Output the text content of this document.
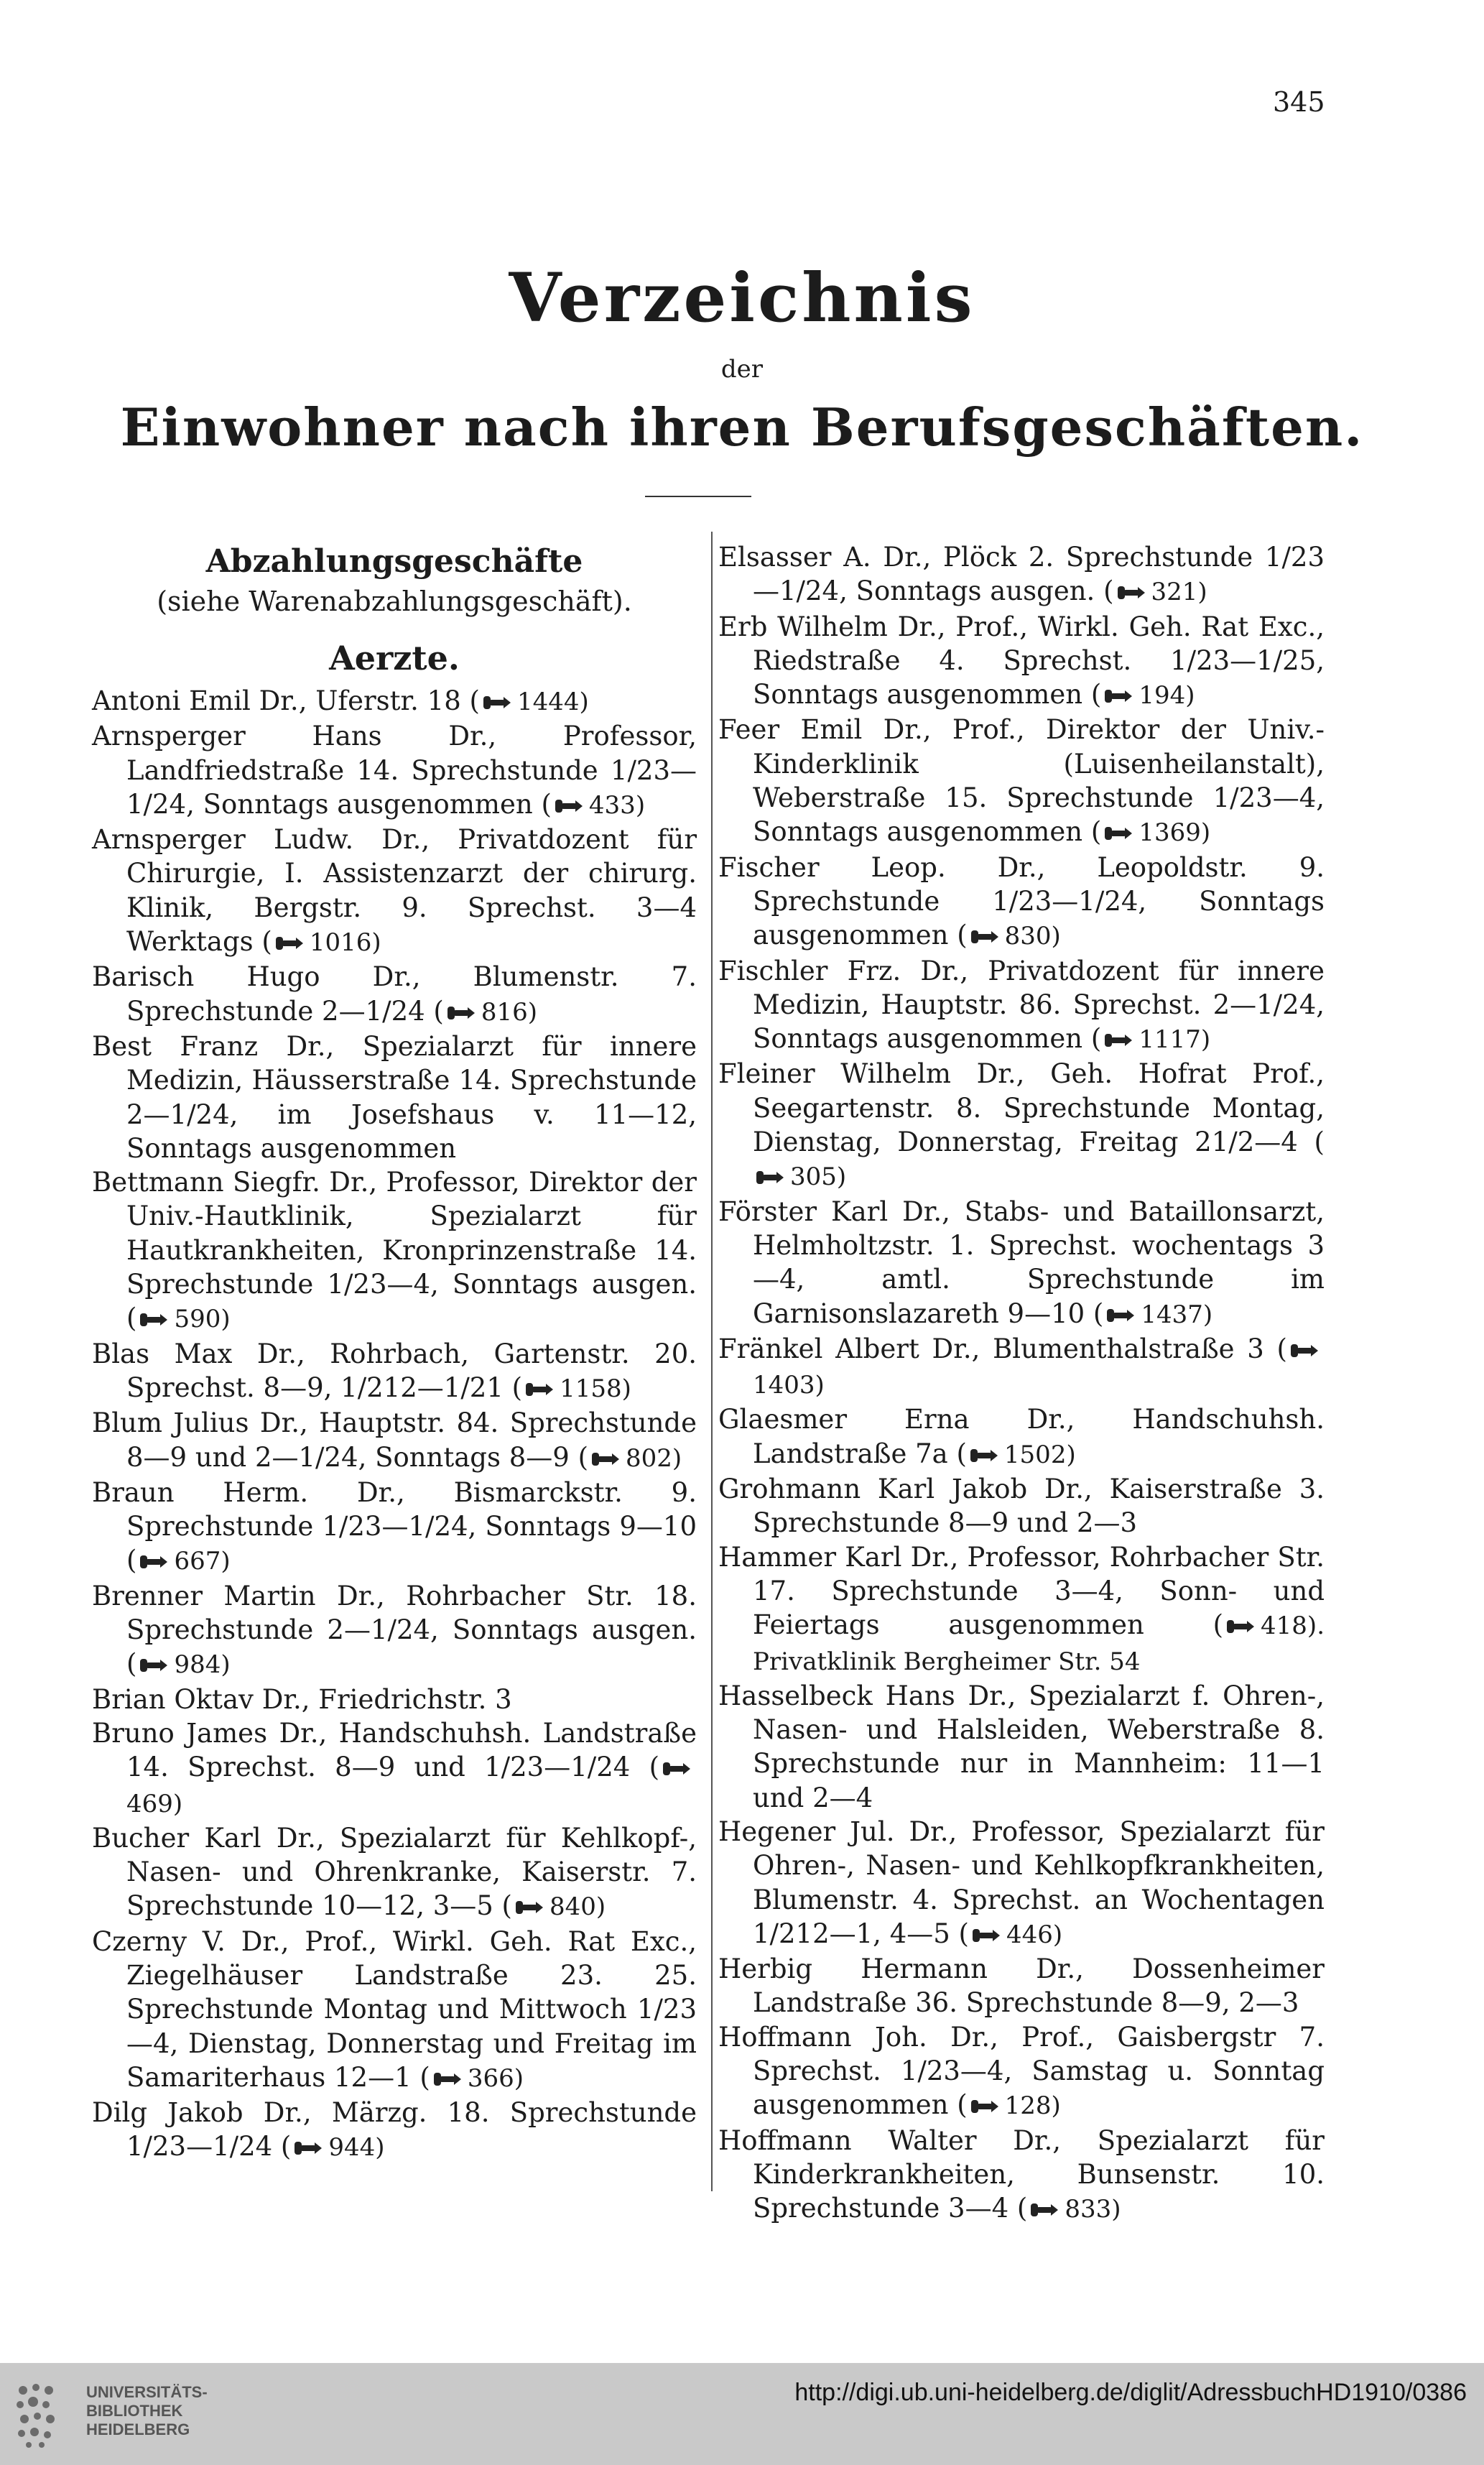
345
Verzeichnis
der
Einwohner nach ihren Berufsgeschäften.
Abzahlungsgeschäfte
(siehe Warenabzahlungsgeschäft).
Aerzte.

Antoni Emil Dr., Uferstr. 18 ( 1444)

Arnsperger Hans Dr., Professor, Landfriedstraße 14. Sprechstunde 1/23—1/24, Sonntags ausgenommen ( 433)

Arnsperger Ludw. Dr., Privatdozent für Chirurgie, I. Assistenzarzt der chirurg. Klinik, Bergstr. 9. Sprechst. 3—4 Werktags ( 1016)

Barisch Hugo Dr., Blumenstr. 7. Sprechstunde 2—1/24 ( 816)

Best Franz Dr., Spezialarzt für innere Medizin, Häusserstraße 14. Sprechstunde 2—1/24, im Josefshaus v. 11—12, Sonntags ausgenommen

Bettmann Siegfr. Dr., Professor, Direktor der Univ.-Hautklinik, Spezialarzt für Hautkrankheiten, Kronprinzenstraße 14. Sprechstunde 1/23—4, Sonntags ausgen. ( 590)

Blas Max Dr., Rohrbach, Gartenstr. 20. Sprechst. 8—9, 1/212—1/21 ( 1158)

Blum Julius Dr., Hauptstr. 84. Sprechstunde 8—9 und 2—1/24, Sonntags 8—9 ( 802)

Braun Herm. Dr., Bismarckstr. 9. Sprechstunde 1/23—1/24, Sonntags 9—10 ( 667)

Brenner Martin Dr., Rohrbacher Str. 18. Sprechstunde 2—1/24, Sonntags ausgen. ( 984)

Brian Oktav Dr., Friedrichstr. 3

Bruno James Dr., Handschuhsh. Landstraße 14. Sprechst. 8—9 und 1/23—1/24 (
469)

Bucher Karl Dr., Spezialarzt für Kehlkopf-, Nasen- und Ohrenkranke, Kaiserstr. 7. Sprechstunde 10—12, 3—5 ( 840)

Czerny V. Dr., Prof., Wirkl. Geh. Rat Exc., Ziegelhäuser Landstraße 23. 25. Sprechstunde Montag und Mittwoch 1/23—4, Dienstag, Donnerstag und Freitag im Samariterhaus 12—1 ( 366)

Dilg Jakob Dr., Märzg. 18. Sprechstunde 1/23—1/24 ( 944)

Elsasser A. Dr., Plöck 2. Sprechstunde 1/23—1/24, Sonntags ausgen. ( 321)

Erb Wilhelm Dr., Prof., Wirkl. Geh. Rat Exc., Riedstraße 4. Sprechst. 1/23—1/25, Sonntags ausgenommen ( 194)

Feer Emil Dr., Prof., Direktor der Univ.-Kinderklinik (Luisenheilanstalt), Weberstraße 15. Sprechstunde 1/23—4, Sonntags ausgenommen ( 1369)

Fischer Leop. Dr., Leopoldstr. 9. Sprechstunde 1/23—1/24, Sonntags ausgenommen ( 830)

Fischler Frz. Dr., Privatdozent für innere Medizin, Hauptstr. 86. Sprechst. 2—1/24, Sonntags ausgenommen ( 1117)

Fleiner Wilhelm Dr., Geh. Hofrat Prof., Seegartenstr. 8. Sprechstunde Montag, Dienstag, Donnerstag, Freitag 21/2—4 (
305)

Förster Karl Dr., Stabs- und Bataillonsarzt, Helmholtzstr. 1. Sprechst. wochentags 3—4, amtl. Sprechstunde im Garnisonslazareth 9—10 ( 1437)

Fränkel Albert Dr., Blumenthalstraße 3 (
1403)

Glaesmer Erna Dr., Handschuhsh. Landstraße 7a ( 1502)

Grohmann Karl Jakob Dr., Kaiserstraße 3. Sprechstunde 8—9 und 2—3

Hammer Karl Dr., Professor, Rohrbacher Str. 17. Sprechstunde 3—4, Sonn- und Feiertags ausgenommen ( 418). Privatklinik Bergheimer Str. 54

Hasselbeck Hans Dr., Spezialarzt f. Ohren-, Nasen- und Halsleiden, Weberstraße 8. Sprechstunde nur in Mannheim: 11—1 und 2—4

Hegener Jul. Dr., Professor, Spezialarzt für Ohren-, Nasen- und Kehlkopfkrankheiten, Blumenstr. 4. Sprechst. an Wochentagen 1/212—1, 4—5 ( 446)

Herbig Hermann Dr., Dossenheimer Landstraße 36. Sprechstunde 8—9, 2—3

Hoffmann Joh. Dr., Prof., Gaisbergstr 7. Sprechst. 1/23—4, Samstag u. Sonntag ausgenommen ( 128)

Hoffmann Walter Dr., Spezialarzt für Kinderkrankheiten, Bunsenstr. 10. Sprechstunde 3—4 ( 833)

UNIVERSITÄTS-
BIBLIOTHEK
HEIDELBERG
http://digi.ub.uni-heidelberg.de/diglit/AdressbuchHD1910/0386
